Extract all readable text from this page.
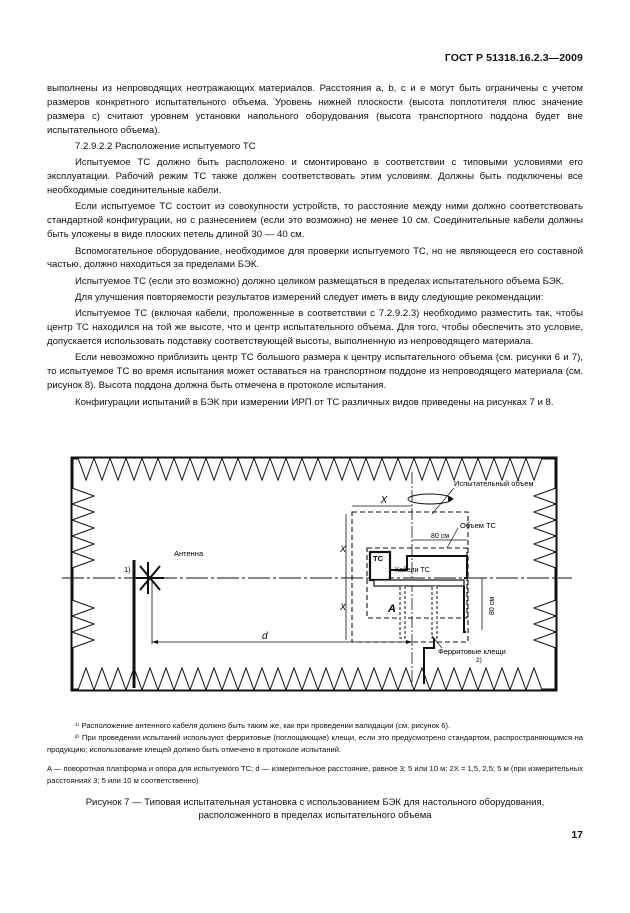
ГОСТ Р 51318.16.2.3—2009

выполнены из непроводящих неотражающих материалов. Расстояния a, b, c и e могут быть ограничены с учетом размеров конкретного испытательного объема. Уровень нижней плоскости (высота поплотителя плюс значение размера c) считают уровнем установки напольного оборудования (высота транспортного поддона будет вне испытательного объема).

7.2.9.2.2 Расположение испытуемого ТС

Испытуемое ТС должно быть расположено и смонтировано в соответствии с типовыми условиями его эксплуатации. Рабочий режим ТС также должен соответствовать этим условиям. Должны быть подключены все необходимые соединительные кабели.

Если испытуемое ТС состоит из совокупности устройств, то расстояние между ними должно соответствовать стандартной конфигурации, но с разнесением (если это возможно) не менее 10 см. Соединительные кабели должны быть уложены в виде плоских петель длиной 30 — 40 см.

Вспомогательное оборудование, необходимое для проверки испытуемого ТС, но не являющееся его составной частью, должно находиться за пределами БЭК.

Испытуемое ТС (если это возможно) должно целиком размещаться в пределах испытательного объема БЭК.

Для улучшения повторяемости результатов измерений следует иметь в виду следующие рекомендации:

Испытуемое ТС (включая кабели, проложенные в соответствии с 7.2.9.2.3) необходимо разместить так, чтобы центр ТС находился на той же высоте, что и центр испытательного объема. Для того, чтобы обеспечить это условие, допускается использовать подставку соответствующей высоты, выполненную из непроводящего материала.

Если невозможно приблизить центр ТС большого размера к центру испытательного объема (см. рисунки 6 и 7), то испытуемое ТС во время испытания может оставаться на транспортном поддоне из непроводящего материала (см. рисунок 8). Высота поддона должна быть отмечена в протоколе испытания.

Конфигурации испытаний в БЭК при измерении ИРП от ТС различных видов приведены на рисунках 7 и 8.

X
80 см
X
X	80 см
ТС
Кабели ТС
A
1)
Антенна
d
Испытательный объем
Объем ТС
Ферритовые клещи
2)

¹⁾ Расположение антенного кабеля должно быть таким же, как при проведении валидации (см. рисунок 6).

²⁾ При проведении испытаний используют ферритовые (поглощающие) клещи, если это предусмотрено стандартом, распространяющимся на продукцию; использование клещей должно быть отмечено в протоколе испытаний.

A — поворотная платформа и опора для испытуемого ТС; d — измерительное расстояние, равное 3; 5 или 10 м; 2X = 1,5, 2,5; 5 м (при измерительных расстояниях 3; 5 или 10 м соответственно)

Рисунок 7 — Типовая испытательная установка с использованием БЭК для настольного оборудования,
расположенного в пределах испытательного объема
17
